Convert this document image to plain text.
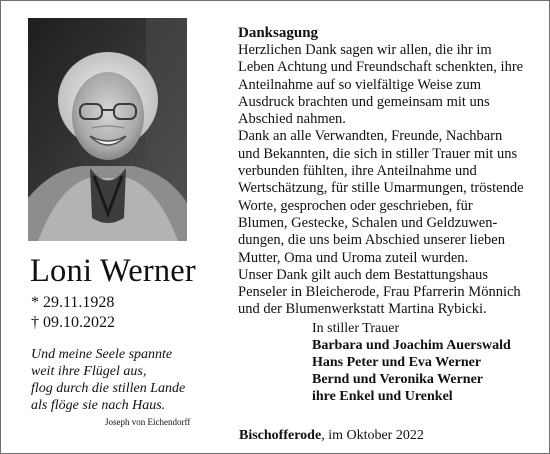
Loni Werner
* 29.11.1928
† 09.10.2022
Und meine Seele spannte
weit ihre Flügel aus,
flog durch die stillen Lande
als flöge sie nach Haus.
Joseph von Eichendorff
Danksagung
Herzlichen Dank sagen wir allen, die ihr im
Leben Achtung und Freundschaft schenkten, ihre
Anteilnahme auf so vielfältige Weise zum
Ausdruck brachten und gemeinsam mit uns
Abschied nahmen.
Dank an alle Verwandten, Freunde, Nachbarn
und Bekannten, die sich in stiller Trauer mit uns
verbunden fühlten, ihre Anteilnahme und
Wertschätzung, für stille Umarmungen, tröstende
Worte, gesprochen oder geschrieben, für
Blumen, Gestecke, Schalen und Geldzuwen-
dungen, die uns beim Abschied unserer lieben
Mutter, Oma und Uroma zuteil wurden.
Unser Dank gilt auch dem Bestattungshaus
Penseler in Bleicherode, Frau Pfarrerin Mönnich
und der Blumenwerkstatt Martina Rybicki.
In stiller Trauer
Barbara und Joachim Auerswald
Hans Peter und Eva Werner
Bernd und Veronika Werner
ihre Enkel und Urenkel
Bischofferode, im Oktober 2022
